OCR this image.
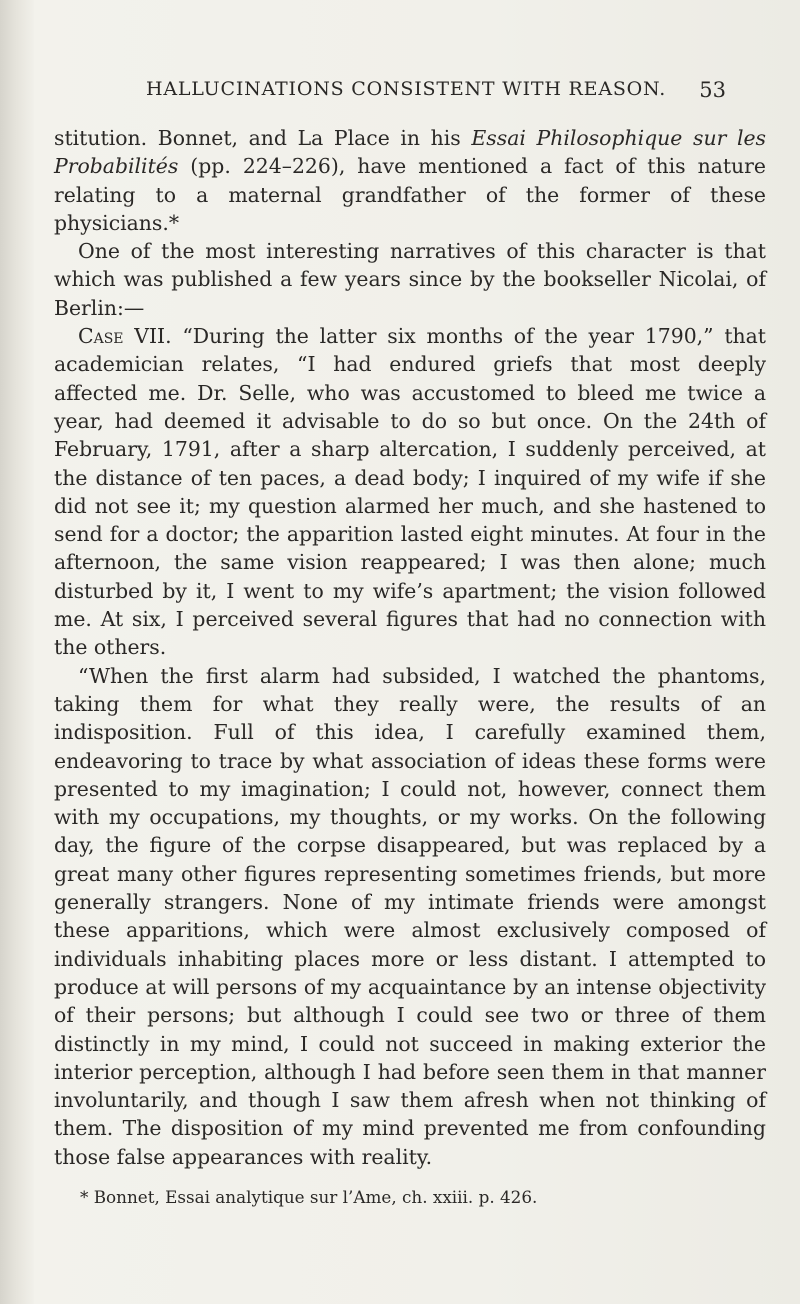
HALLUCINATIONS CONSISTENT WITH REASON. 53

stitution. Bonnet, and La Place in his Essai Philosophique sur les Probabilités (pp. 224–226), have mentioned a fact of this nature relating to a maternal grandfather of the former of these physicians.*

One of the most interesting narratives of this character is that which was published a few years since by the bookseller Nicolai, of Berlin:—

Case VII. “During the latter six months of the year 1790,” that academician relates, “I had endured griefs that most deeply affected me. Dr. Selle, who was accustomed to bleed me twice a year, had deemed it advisable to do so but once. On the 24th of February, 1791, after a sharp altercation, I suddenly perceived, at the distance of ten paces, a dead body; I inquired of my wife if she did not see it; my question alarmed her much, and she hastened to send for a doctor; the apparition lasted eight minutes. At four in the afternoon, the same vision reappeared; I was then alone; much disturbed by it, I went to my wife’s apartment; the vision followed me. At six, I perceived several figures that had no connection with the others.

“When the first alarm had subsided, I watched the phantoms, taking them for what they really were, the results of an indisposition. Full of this idea, I carefully examined them, endeavoring to trace by what association of ideas these forms were presented to my imagination; I could not, however, connect them with my occupations, my thoughts, or my works. On the following day, the figure of the corpse disappeared, but was replaced by a great many other figures representing sometimes friends, but more generally strangers. None of my intimate friends were amongst these apparitions, which were almost exclusively composed of individuals inhabiting places more or less distant. I attempted to produce at will persons of my acquaintance by an intense objectivity of their persons; but although I could see two or three of them distinctly in my mind, I could not succeed in making exterior the interior perception, although I had before seen them in that manner involuntarily, and though I saw them afresh when not thinking of them. The disposition of my mind prevented me from confounding those false appearances with reality.

* Bonnet, Essai analytique sur l’Ame, ch. xxiii. p. 426.
